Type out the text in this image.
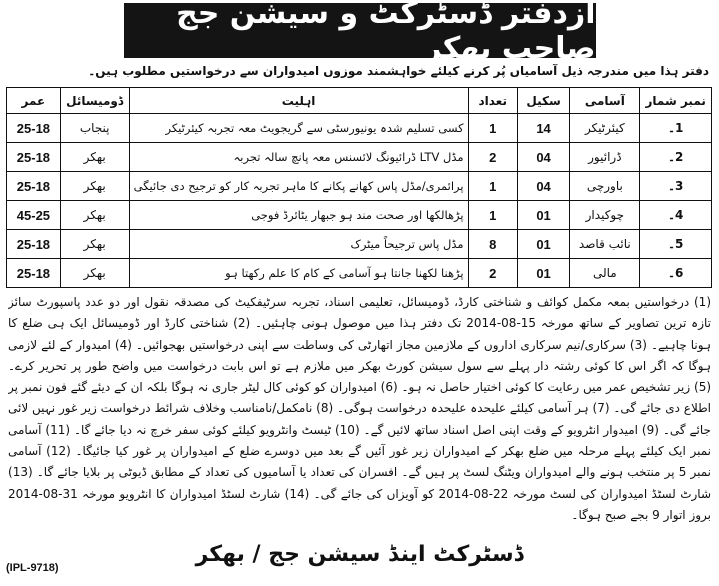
ازدفتر ڈسٹرکٹ و سیشن جج صاحب بھکر
دفتر ہذا میں مندرجہ ذیل آسامیاں پُر کرنے کیلئے خواہشمند موزوں امیدواران سے درخواستیں مطلوب ہیں۔
نمبر شمار	آسامی	سکیل	تعداد	اہلیت	ڈومیسائل	عمر
1۔	کیئرٹیکر	14	1	کسی تسلیم شدہ یونیورسٹی سے گریجویٹ معہ تجربہ کیئرٹیکر	پنجاب	25-18
2۔	ڈرائیور	04	2	مڈل LTV ڈرائیونگ لائسنس معہ پانچ سالہ تجربہ	بھکر	25-18
3۔	باورچی	04	1	پرائمری/مڈل پاس کھانے پکانے کا ماہر تجربہ کار کو ترجیح دی جائیگی	بھکر	25-18
4۔	چوکیدار	01	1	پڑھالکھا اور صحت مند ہو جبھار یٹائرڈ فوجی	بھکر	45-25
5۔	نائب قاصد	01	8	مڈل پاس ترجیحاً میٹرک	بھکر	25-18
6۔	مالی	01	2	پڑھنا لکھنا جانتا ہو آسامی کے کام کا علم رکھتا ہو	بھکر	25-18

(1) درخواستیں بمعہ مکمل کوائف و شناختی کارڈ، ڈومیسائل، تعلیمی اسناد، تجربہ سرٹیفکیٹ کی مصدقہ نقول اور دو عدد پاسپورٹ سائز تازہ ترین تصاویر کے ساتھ مورخہ 15-08-2014 تک دفتر ہذا میں موصول ہونی چاہئیں۔ (2) شناختی کارڈ اور ڈومیسائل ایک ہی ضلع کا ہونا چاہیے۔ (3) سرکاری/نیم سرکاری اداروں کے ملازمین مجاز اتھارٹی کی وساطت سے اپنی درخواستیں بھجوائیں۔ (4) امیدوار کے لئے لازمی ہوگا کہ اگر اس کا کوئی رشتہ دار پہلے سے سول سیشن کورٹ بھکر میں ملازم ہے تو اس بابت درخواست میں واضح طور پر تحریر کرے۔ (5) زیر تشخیص عمر میں رعایت کا کوئی اختیار حاصل نہ ہو۔ (6) امیدواران کو کوئی کال لیٹر جاری نہ ہوگا بلکہ ان کے دیئے گئے فون نمبر پر اطلاع دی جائے گی۔ (7) ہر آسامی کیلئے علیحدہ علیحدہ درخواست ہوگی۔ (8) نامکمل/نامناسب وخلاف شرائط درخواست زیر غور نہیں لائی جائے گی۔ (9) امیدوار انٹرویو کے وقت اپنی اصل اسناد ساتھ لائیں گے۔ (10) ٹیسٹ وانٹرویو کیلئے کوئی سفر خرچ نہ دیا جائے گا۔ (11) آسامی نمبر ایک کیلئے پہلے مرحلہ میں ضلع بھکر کے امیدواران زیر غور آئیں گے بعد میں دوسرے ضلع کے امیدواران پر غور کیا جائیگا۔ (12) آسامی نمبر 5 پر منتخب ہونے والے امیدواران ویٹنگ لسٹ پر ہیں گے۔ افسران کی تعداد یا آسامیوں کی تعداد کے مطابق ڈیوٹی پر بلایا جائے گا۔ (13) شارٹ لسٹڈ امیدواران کی لسٹ مورخہ 22-08-2014 کو آویزاں کی جائے گی۔ (14) شارٹ لسٹڈ امیدواران کا انٹرویو مورخہ 31-08-2014 بروز اتوار 9 بجے صبح ہوگا۔

(IPL-9718)
ڈسٹرکٹ اینڈ سیشن جج / بھکر
